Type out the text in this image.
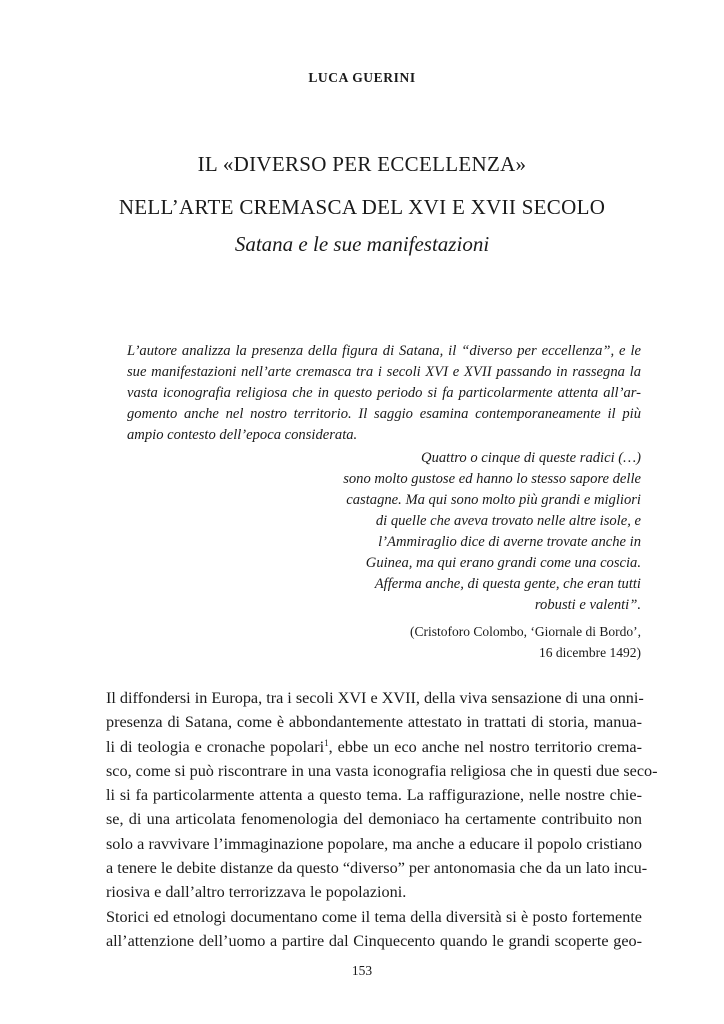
LUCA GUERINI
IL «DIVERSO PER ECCELLENZA»
NELL’ARTE CREMASCA DEL XVI E XVII SECOLO
Satana e le sue manifestazioni
L’autore analizza la presenza della figura di Satana, il “diverso per eccellenza”, e le
sue manifestazioni nell’arte cremasca tra i secoli XVI e XVII passando in rassegna la
vasta iconografia religiosa che in questo periodo si fa particolarmente attenta all’ar-
gomento anche nel nostro territorio. Il saggio esamina contemporaneamente il più
ampio contesto dell’epoca considerata.
Quattro o cinque di queste radici (…)
sono molto gustose ed hanno lo stesso sapore delle
castagne. Ma qui sono molto più grandi e migliori
di quelle che aveva trovato nelle altre isole, e
l’Ammiraglio dice di averne trovate anche in
Guinea, ma qui erano grandi come una coscia.
Afferma anche, di questa gente, che eran tutti
robusti e valenti”.
(Cristoforo Colombo, ‘Giornale di Bordo’,
16 dicembre 1492)
Il diffondersi in Europa, tra i secoli XVI e XVII, della viva sensazione di una onni-
presenza di Satana, come è abbondantemente attestato in trattati di storia, manua-
li di teologia e cronache popolari$^1$, ebbe un eco anche nel nostro territorio crema-
sco, come si può riscontrare in una vasta iconografia religiosa che in questi due seco-
li si fa particolarmente attenta a questo tema. La raffigurazione, nelle nostre chie-
se, di una articolata fenomenologia del demoniaco ha certamente contribuito non
solo a ravvivare l’immaginazione popolare, ma anche a educare il popolo cristiano
a tenere le debite distanze da questo “diverso” per antonomasia che da un lato incu-
riosiva e dall’altro terrorizzava le popolazioni.
Storici ed etnologi documentano come il tema della diversità si è posto fortemente
all’attenzione dell’uomo a partire dal Cinquecento quando le grandi scoperte geo-
153
